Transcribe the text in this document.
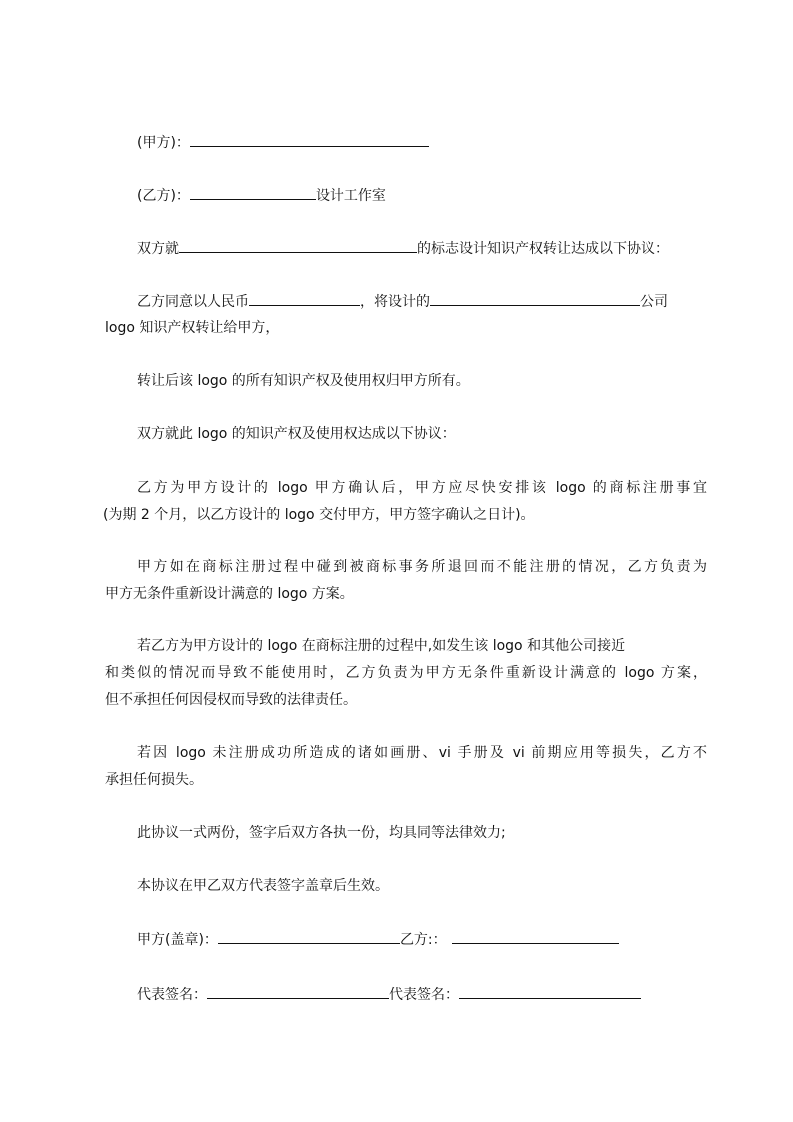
(甲方)：
(乙方)：	设计工作室
双方就	的标志设计知识产权转让达成以下协议：
乙方同意以人民币	，将设计的	公司
logo 知识产权转让给甲方，
转让后该 logo 的所有知识产权及使用权归甲方所有。
双方就此 logo 的知识产权及使用权达成以下协议：
乙方为甲方设计的 logo 甲方确认后，甲方应尽快安排该 logo 的商标注册事宜
(为期 2 个月，以乙方设计的 logo 交付甲方，甲方签字确认之日计)。
甲方如在商标注册过程中碰到被商标事务所退回而不能注册的情况，乙方负责为
甲方无条件重新设计满意的 logo 方案。
若乙方为甲方设计的 logo 在商标注册的过程中,如发生该 logo 和其他公司接近
和类似的情况而导致不能使用时，乙方负责为甲方无条件重新设计满意的 logo 方案，
但不承担任何因侵权而导致的法律责任。
若因 logo 未注册成功所造成的诸如画册、vi 手册及 vi 前期应用等损失，乙方不
承担任何损失。
此协议一式两份，签字后双方各执一份，均具同等法律效力;
本协议在甲乙双方代表签字盖章后生效。
甲方(盖章)：	乙方:：
代表签名：	代表签名：
